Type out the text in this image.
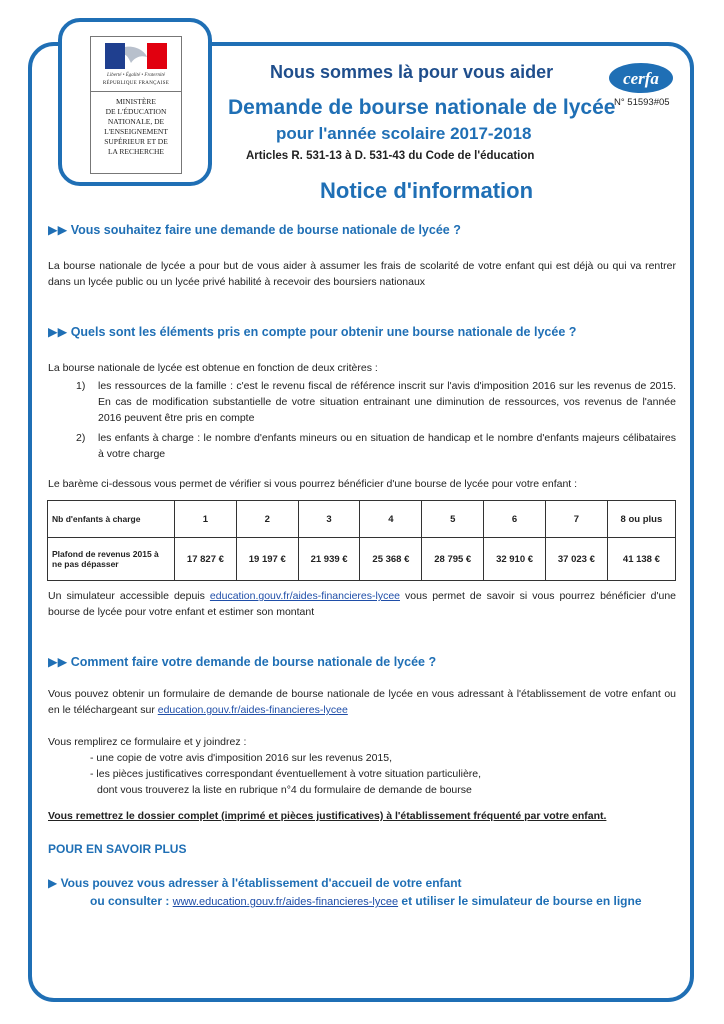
Liberté • Égalité • Fraternité
RÉPUBLIQUE FRANÇAISE
MINISTÈRE
DE L'ÉDUCATION
NATIONALE, DE
L'ENSEIGNEMENT
SUPÉRIEUR ET DE
LA RECHERCHE
Nous sommes là pour vous aider
Demande de bourse nationale de lycée
pour l'année scolaire 2017-2018
Articles R. 531-13 à D. 531-43 du Code de l'éducation
Notice d'information
cerfa
N° 51593#05
▶▶ Vous souhaitez faire une demande de bourse nationale de lycée ?

La bourse nationale de lycée a pour but de vous aider à assumer les frais de scolarité de votre enfant qui est déjà ou qui va rentrer dans un lycée public ou un lycée privé habilité à recevoir des boursiers nationaux

▶▶ Quels sont les éléments pris en compte pour obtenir une bourse nationale de lycée ?

La bourse nationale de lycée est obtenue en fonction de deux critères :

1) les ressources de la famille : c'est le revenu fiscal de référence inscrit sur l'avis d'imposition 2016 sur les revenus de 2015. En cas de modification substantielle de votre situation entrainant une diminution de ressources, vos revenus de l'année 2016 peuvent être pris en compte
2) les enfants à charge : le nombre d'enfants mineurs ou en situation de handicap et le nombre d'enfants majeurs célibataires à votre charge

Le barème ci-dessous vous permet de vérifier si vous pourrez bénéficier d'une bourse de lycée pour votre enfant :

Nb d'enfants à charge	1	2	3	4	5	6	7	8 ou plus
Plafond de revenus 2015 à ne pas dépasser	17 827 €	19 197 €	21 939 €	25 368 €	28 795 €	32 910 €	37 023 €	41 138 €

Un simulateur accessible depuis education.gouv.fr/aides-financieres-lycee vous permet de savoir si vous pourrez bénéficier d'une bourse de lycée pour votre enfant et estimer son montant

▶▶ Comment faire votre demande de bourse nationale de lycée ?

Vous pouvez obtenir un formulaire de demande de bourse nationale de lycée en vous adressant à l'établissement de votre enfant ou en le téléchargeant sur education.gouv.fr/aides-financieres-lycee

Vous remplirez ce formulaire et y joindrez :

- une copie de votre avis d'imposition 2016 sur les revenus 2015,
- les pièces justificatives correspondant éventuellement à votre situation particulière,
dont vous trouverez la liste en rubrique n°4 du formulaire de demande de bourse
Vous remettrez le dossier complet (imprimé et pièces justificatives) à l'établissement fréquenté par votre enfant.
POUR EN SAVOIR PLUS
▶ Vous pouvez vous adresser à l'établissement d'accueil de votre enfant
ou consulter : www.education.gouv.fr/aides-financieres-lycee et utiliser le simulateur de bourse en ligne
